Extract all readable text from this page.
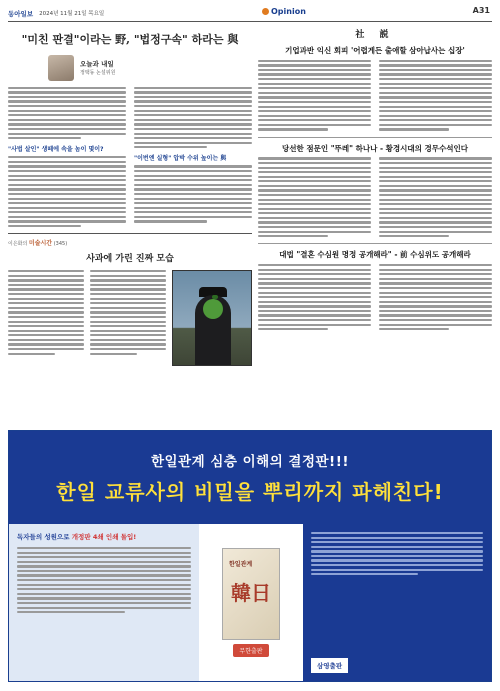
동아일보 2024년 11월 21일 목요일	Opinion	A31
"미친 판결"이라는 野, "법정구속" 하라는 與
오늘과 내일
정택동 논설위원
"사법 살인" 생떼에 속을 놈이 몇이?
"이번엔 실형" 압박 수위 높이는 與
이은화의 미술시간 (345)
사과에 가린 진짜 모습
社 説
기업과반 익신 회피 '어렵게든 출애할 삼아납사는 십장'
당선한 점문인 "뚜레" 하나나 - 황경시대의 경무수석인다
대법 "결혼 수심원 명정 공개해라" - 前 수심위도 공개해라
한일관계 심층 이해의 결정판!!!
한일 교류사의 비밀을 뿌리까지 파헤친다!
독자들의 성원으로 개정판 4쇄 인쇄 돌입!
한일관계
韓日
무한출판
삼영출판
